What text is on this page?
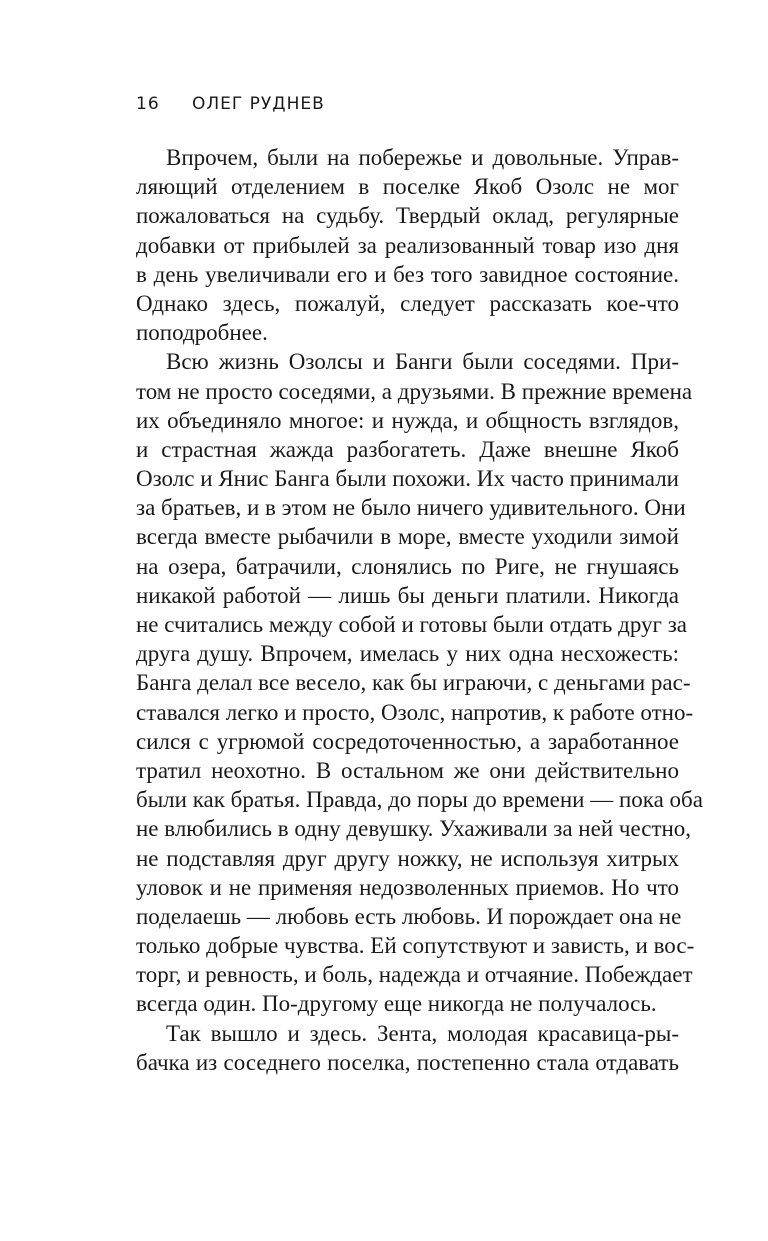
16 ОЛЕГ РУДНЕВ
Впрочем, были на побережье и довольные. Управ-
ляющий отделением в поселке Якоб Озолс не мог
пожаловаться на судьбу. Твердый оклад, регулярные
добавки от прибылей за реализованный товар изо дня
в день увеличивали его и без того завидное состояние.
Однако здесь, пожалуй, следует рассказать кое-что
поподробнее.
Всю жизнь Озолсы и Банги были соседями. При-
том не просто соседями, а друзьями. В прежние времена
их объединяло многое: и нужда, и общность взглядов,
и страстная жажда разбогатеть. Даже внешне Якоб
Озолс и Янис Банга были похожи. Их часто принимали
за братьев, и в этом не было ничего удивительного. Они
всегда вместе рыбачили в море, вместе уходили зимой
на озера, батрачили, слонялись по Риге, не гнушаясь
никакой работой — лишь бы деньги платили. Никогда
не считались между собой и готовы были отдать друг за
друга душу. Впрочем, имелась у них одна несхожесть:
Банга делал все весело, как бы играючи, с деньгами рас-
ставался легко и просто, Озолс, напротив, к работе отно-
сился с угрюмой сосредоточенностью, а заработанное
тратил неохотно. В остальном же они действительно
были как братья. Правда, до поры до времени — пока оба
не влюбились в одну девушку. Ухаживали за ней честно,
не подставляя друг другу ножку, не используя хитрых
уловок и не применяя недозволенных приемов. Но что
поделаешь — любовь есть любовь. И порождает она не
только добрые чувства. Ей сопутствуют и зависть, и вос-
торг, и ревность, и боль, надежда и отчаяние. Побеждает
всегда один. По-другому еще никогда не получалось.
Так вышло и здесь. Зента, молодая красавица-ры-
бачка из соседнего поселка, постепенно стала отдавать
